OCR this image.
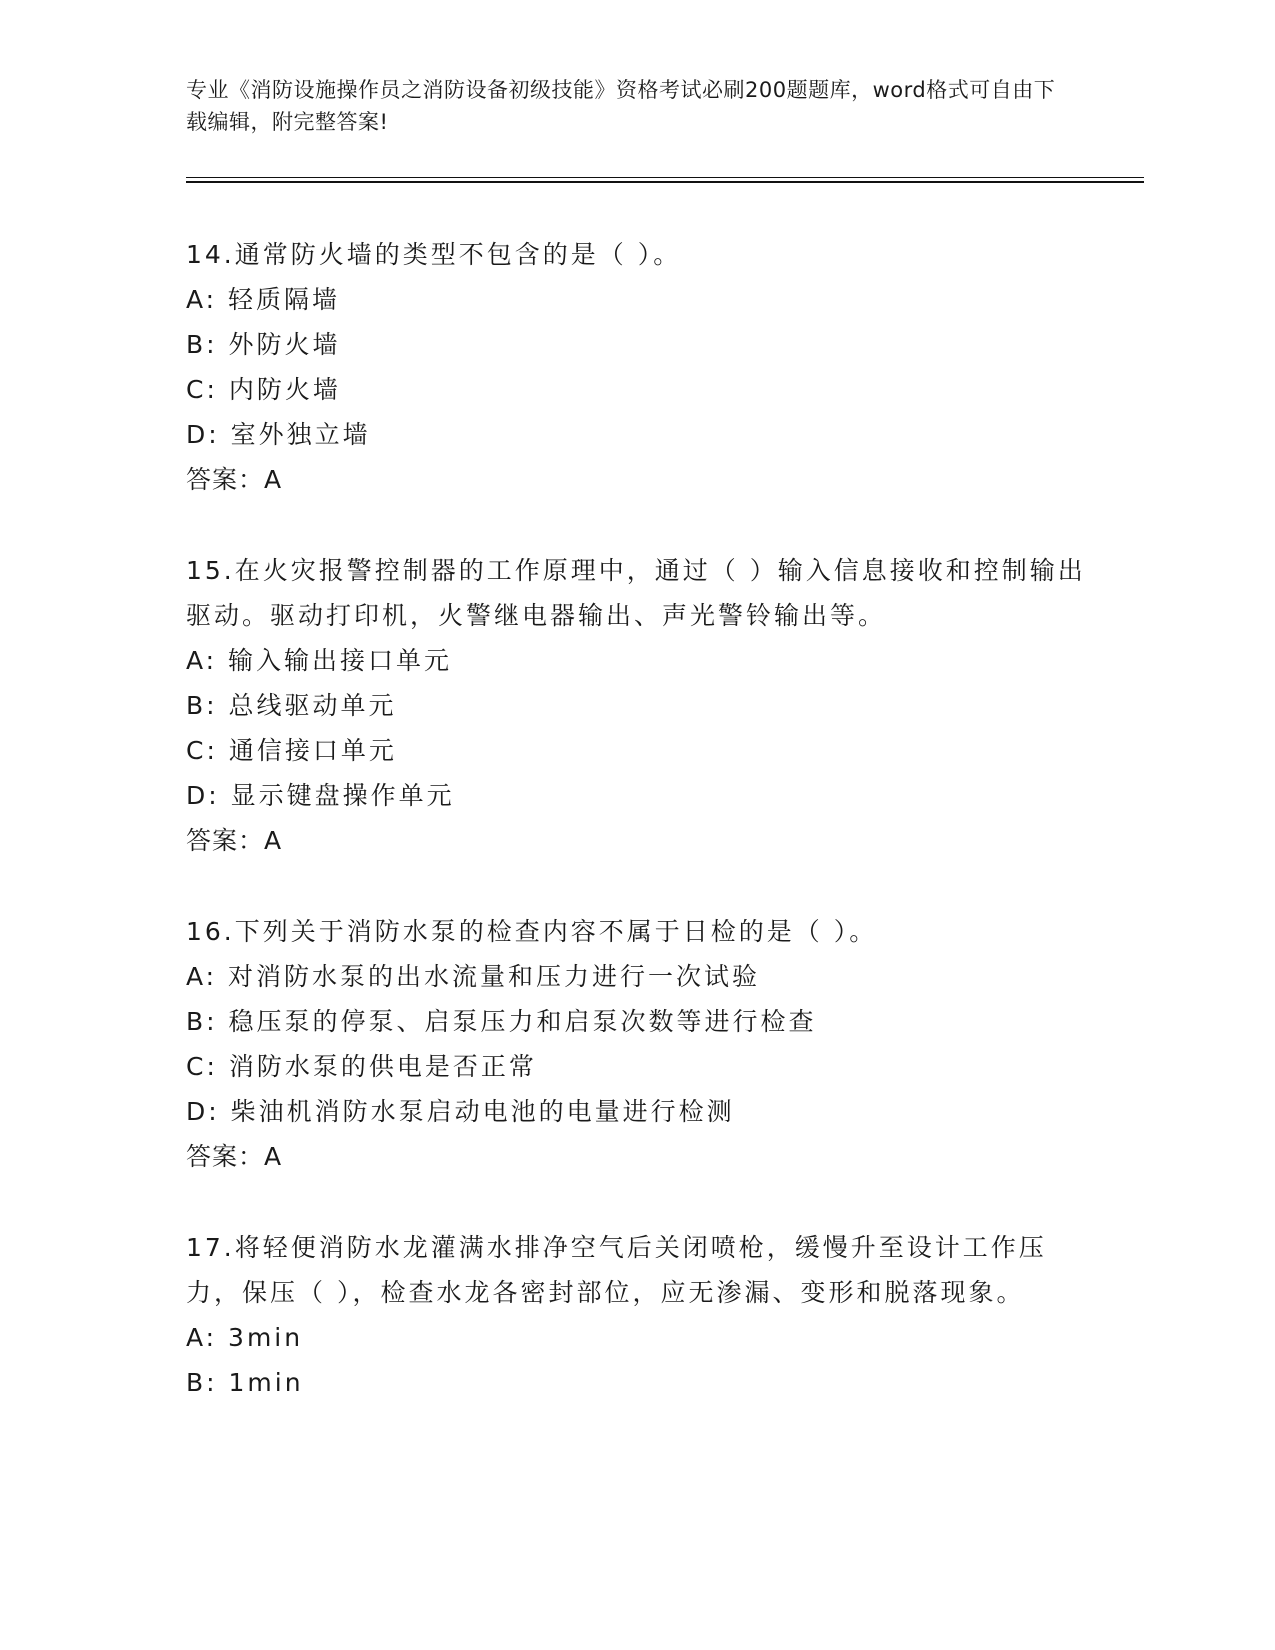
专业《消防设施操作员之消防设备初级技能》资格考试必刷200题题库，word格式可自由下载编辑，附完整答案!

14.通常防火墙的类型不包含的是（ ）。

A: 轻质隔墙

B: 外防火墙

C: 内防火墙

D: 室外独立墙

答案：A

15.在火灾报警控制器的工作原理中，通过（ ）输入信息接收和控制输出驱动。驱动打印机，火警继电器输出、声光警铃输出等。

A: 输入输出接口单元

B: 总线驱动单元

C: 通信接口单元

D: 显示键盘操作单元

答案：A

16.下列关于消防水泵的检查内容不属于日检的是（ ）。

A: 对消防水泵的出水流量和压力进行一次试验

B: 稳压泵的停泵、启泵压力和启泵次数等进行检查

C: 消防水泵的供电是否正常

D: 柴油机消防水泵启动电池的电量进行检测

答案：A

17.将轻便消防水龙灌满水排净空气后关闭喷枪，缓慢升至设计工作压力，保压（ ），检查水龙各密封部位，应无渗漏、变形和脱落现象。

A: 3min

B: 1min
